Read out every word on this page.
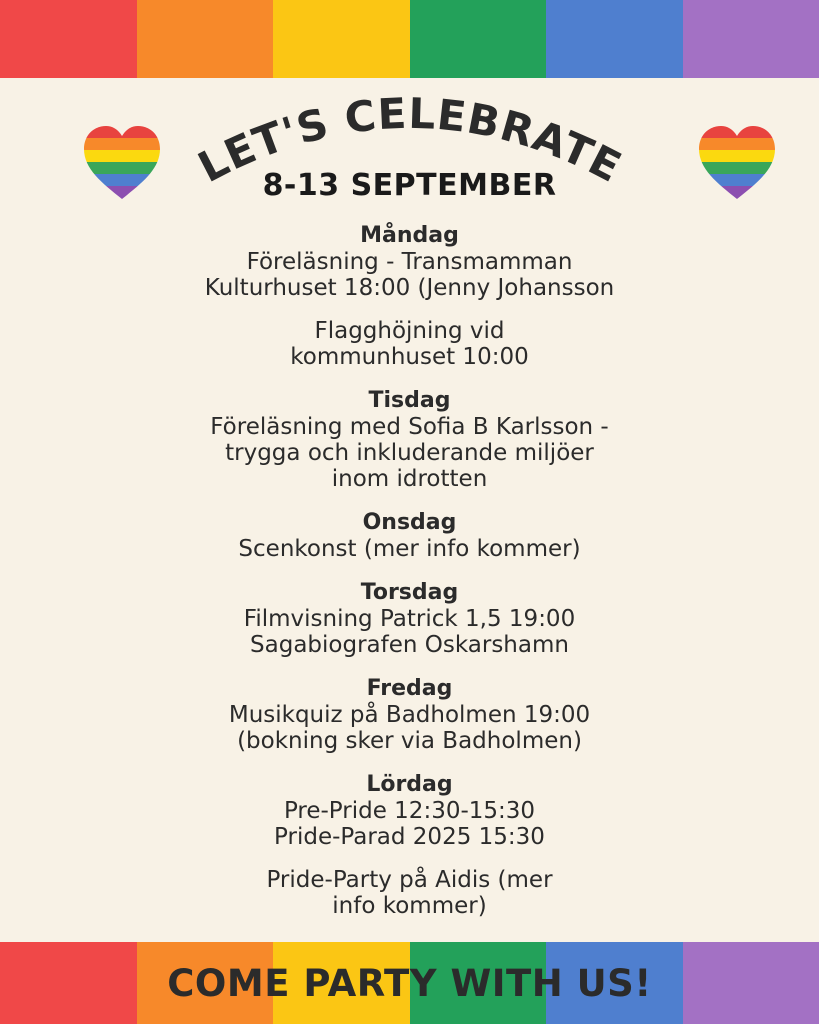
LET'S CELEBRATE
8-13 SEPTEMBER
Måndag
Föreläsning - Transmamman
Kulturhuset 18:00 (Jenny Johansson
Flagghöjning vid
kommunhuset 10:00
Tisdag
Föreläsning med Sofia B Karlsson -
trygga och inkluderande miljöer
inom idrotten
Onsdag
Scenkonst (mer info kommer)
Torsdag
Filmvisning Patrick 1,5 19:00
Sagabiografen Oskarshamn
Fredag
Musikquiz på Badholmen 19:00
(bokning sker via Badholmen)
Lördag
Pre-Pride 12:30-15:30
Pride-Parad 2025 15:30
Pride-Party på Aidis (mer
info kommer)
COME PARTY WITH US!
